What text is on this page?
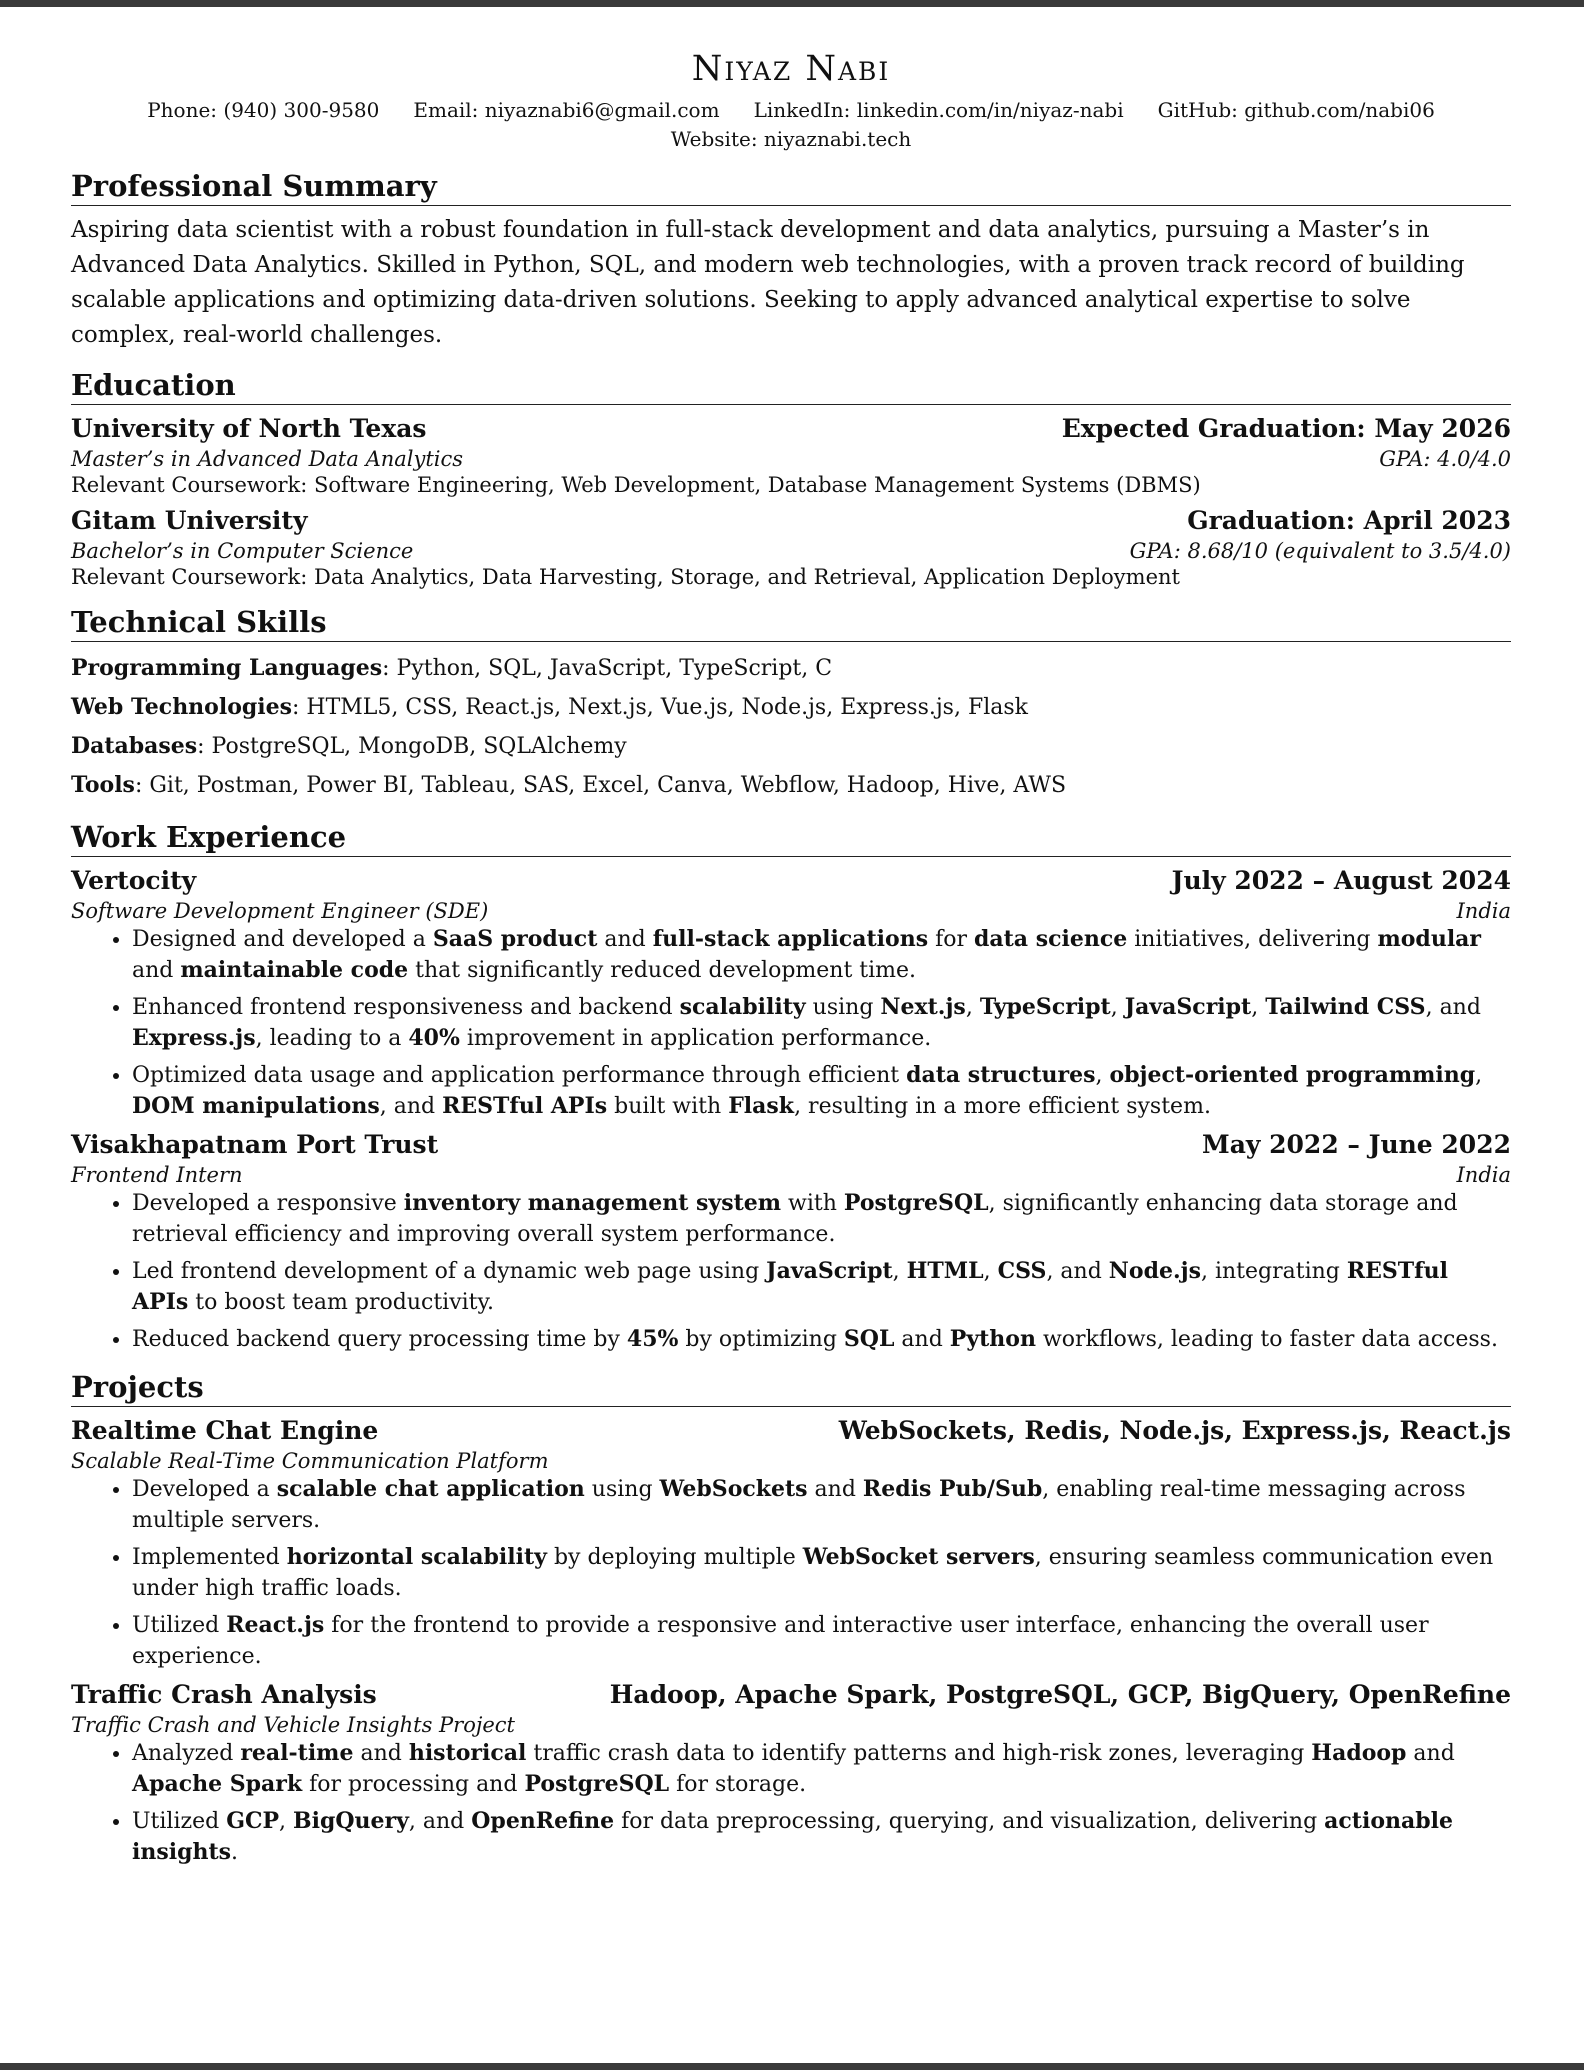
Niyaz Nabi
Phone: (940) 300-9580 Email: niyaznabi6@gmail.com LinkedIn: linkedin.com/in/niyaz-nabi GitHub: github.com/nabi06
Website: niyaznabi.tech
Professional Summary
Aspiring data scientist with a robust foundation in full-stack development and data analytics, pursuing a Master’s in Advanced Data Analytics. Skilled in Python, SQL, and modern web technologies, with a proven track record of building scalable applications and optimizing data-driven solutions. Seeking to apply advanced analytical expertise to solve complex, real-world challenges.
Education
University of North Texas	Expected Graduation: May 2026
Master’s in Advanced Data Analytics	GPA: 4.0/4.0
Relevant Coursework: Software Engineering, Web Development, Database Management Systems (DBMS)
Gitam University	Graduation: April 2023
Bachelor’s in Computer Science	GPA: 8.68/10 (equivalent to 3.5/4.0)
Relevant Coursework: Data Analytics, Data Harvesting, Storage, and Retrieval, Application Deployment
Technical Skills
Programming Languages: Python, SQL, JavaScript, TypeScript, C
Web Technologies: HTML5, CSS, React.js, Next.js, Vue.js, Node.js, Express.js, Flask
Databases: PostgreSQL, MongoDB, SQLAlchemy
Tools: Git, Postman, Power BI, Tableau, SAS, Excel, Canva, Webflow, Hadoop, Hive, AWS
Work Experience
Vertocity	July 2022 – August 2024
Software Development Engineer (SDE)	India
• Designed and developed a SaaS product and full-stack applications for data science initiatives, delivering modular and maintainable code that significantly reduced development time.
• Enhanced frontend responsiveness and backend scalability using Next.js, TypeScript, JavaScript, Tailwind CSS, and Express.js, leading to a 40% improvement in application performance.
• Optimized data usage and application performance through efficient data structures, object-oriented programming, DOM manipulations, and RESTful APIs built with Flask, resulting in a more efficient system.
Visakhapatnam Port Trust	May 2022 – June 2022
Frontend Intern	India
• Developed a responsive inventory management system with PostgreSQL, significantly enhancing data storage and retrieval efficiency and improving overall system performance.
• Led frontend development of a dynamic web page using JavaScript, HTML, CSS, and Node.js, integrating RESTful APIs to boost team productivity.
• Reduced backend query processing time by 45% by optimizing SQL and Python workflows, leading to faster data access.
Projects
Realtime Chat Engine	WebSockets, Redis, Node.js, Express.js, React.js
Scalable Real-Time Communication Platform
• Developed a scalable chat application using WebSockets and Redis Pub/Sub, enabling real-time messaging across multiple servers.
• Implemented horizontal scalability by deploying multiple WebSocket servers, ensuring seamless communication even under high traffic loads.
• Utilized React.js for the frontend to provide a responsive and interactive user interface, enhancing the overall user experience.
Traffic Crash Analysis	Hadoop, Apache Spark, PostgreSQL, GCP, BigQuery, OpenRefine
Traffic Crash and Vehicle Insights Project
• Analyzed real-time and historical traffic crash data to identify patterns and high-risk zones, leveraging Hadoop and Apache Spark for processing and PostgreSQL for storage.
• Utilized GCP, BigQuery, and OpenRefine for data preprocessing, querying, and visualization, delivering actionable insights.
